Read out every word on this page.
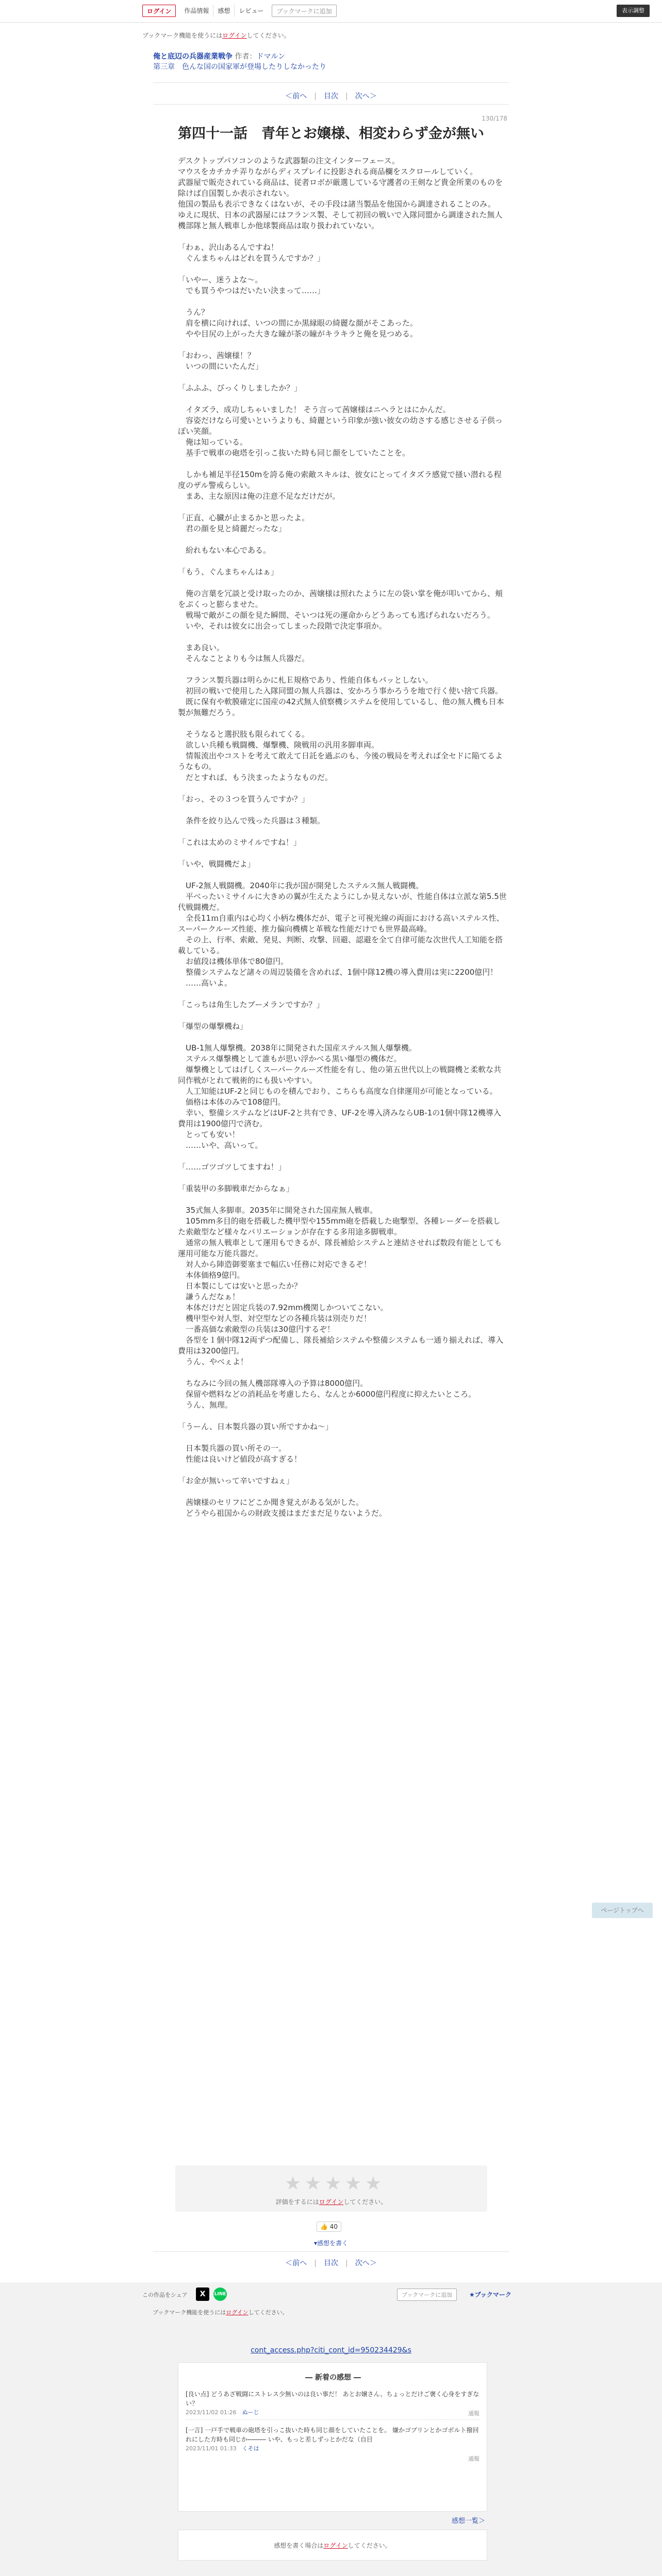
ログイン	作品情報	感想	レビュー	ブックマークに追加	表示調整
ブックマーク機能を使うにはログインしてください。
俺と底辺の兵器産業戦争 作者：ドマルン
第三章　色んな国の国家軍が登場したりしなかったり
＜前へ | 目次 | 次へ＞
130/178
第四十一話　青年とお嬢様、相変わらず金が無い

デスクトップパソコンのような武器類の注文インターフェース。

マウスをカチカチ弄りながらディスプレイに投影される商品欄をスクロールしていく。

武器屋で販売されている商品は、従者ロボが厳選している守護者の王剣など貴金所業のものを除けば自国製しか表示されない。

他国の製品も表示できなくはないが、その手段は諸当製品を他国から調達されることのみ。

ゆえに現状、日本の武器屋にはフランス製、そして初回の戦いで入隊同盟から調達された無人機部隊と無人戦車しか他球製商品は取り扱われていない。

「わぁ、沢山あるんですね！

　ぐんまちゃんはどれを買うんですか？」

「いやー、迷うよな～。

　でも買うやつはだいたい決まって……」

　うん？

　肩を横に向ければ、いつの間にか黒縁眼の綺麗な顔がそこあった。

　やや目尻の上がった大きな瞳が茶の瞳がキラキラと俺を見つめる。

「おわっ、茜嬢様！？

　いつの間にいたんだ」

「ふふふ、びっくりしましたか？」

　イタズラ、成功しちゃいました！ そう言って茜嬢様はニヘラとはにかんだ。

　容姿だけなら可愛いというよりも、綺麗という印象が強い彼女の幼さする感じさせる子供っぽい笑顔。

　俺は知っている。

　基手で戦車の砲塔を引っこ抜いた時も同じ顔をしていたことを。

　しかも補足半径150mを誇る俺の索敵スキルは、彼女にとってイタズラ感覚で掻い潜れる程度のザル警戒らしい。

　まあ、主な原因は俺の注意不足なだけだが。

「正直、心臓が止まるかと思ったよ。

　君の顔を見と綺麗だったな」

　紛れもない本心である。

「もう、ぐんまちゃんはぁ」

　俺の言葉を冗談と受け取ったのか、茜嬢様は照れたように左の袋い掌を俺が叩いてから、頬をぷくっと膨らませた。

　戦場で敵がこの顔を見た瞬間、そいつは死の運命からどうあっても逃げられないだろう。

　いや、それは彼女に出会ってしまった段階で決定事項か。

　まあ良い。

　そんなことよりも今は無人兵器だ。

　フランス製兵器は明らかに札Ｅ規格であり、性能自体もパッとしない。

　初回の戦いで使用した入隊同盟の無人兵器は、安かろう事かろうを地で行く使い捨て兵器。

　既に保有や軟膜確定に国産の42式無人偵察機システムを使用しているし、他の無人機も日本製が無難だろう。

　そうなると選択肢も限られてくる。

　欲しい兵種も戦闘機、爆撃機、険戦用の汎用多脚車両。

　情報流出やコストを考えて敢えて日託を過ぶのも、今後の戦局を考えれば全セドに陥てるようなもの。

　だとすれば、もう決まったようなものだ。

「おっ、その３つを買うんですか？」

　条件を絞り込んで残った兵器は３種類。

「これは太めのミサイルですね！」

「いや、戦闘機だよ」

　UF-2無人戦闘機。2040年に我が国が開発したステルス無人戦闘機。

　平べったいミサイルに大きめの翼が生えたようにしか見えないが、性能自体は立派な第5.5世代戦闘機だ。

　全長11ｍ自重内は心均く小柄な機体だが、電子と可視光線の両面における高いステルス性、スーパークルーズ性能、推力偏向機構と革戦な性能だけでも世界最高峰。

　その上、行率、索敵、発見、判断、攻撃、回避、認避を全て自律可能な次世代人工知能を搭載している。

　お値段は機体単体で80億円。

　整備システムなど諸々の周辺装備を含めれば、1個中隊12機の導入費用は実に2200億円！

　……高いよ。

「こっちは角生したブーメランですか？」

「爆型の爆撃機ね」

　UB-1無人爆撃機。2038年に開発された国産ステルス無人爆撃機。

　ステルス爆撃機として誰もが思い浮かべる黒い爆型の機体だ。

　爆撃機としてはげしくスーパークルーズ性能を有し、他の第五世代以上の戦闘機と柔軟な共同作戦がとれて戦術的にも扱いやすい。

　人工知能はUF-2と同じものを積んでおり、こちらも高度な自律運用が可能となっている。

　価格は本体のみで108億円。

　幸い、整備システムなどはUF-2と共有でき、UF-2を導入済みならUB-1の1個中隊12機導入費用は1900億円で済む。

　とっても安い！

　……いや、高いって。

「……ゴツゴツしてますね！」

「重装甲の多脚戦車だからなぁ」

　35式無人多脚車。2035年に開発された国産無人戦車。

　105mm多目的砲を搭載した機甲型や155mm砲を搭載した砲撃型、各種レーダーを搭載した索敵型など様々なバリエーションが存在する多用途多脚戦車。

　通常の無人戦車として運用もできるが、隊長補給システムと連結させれば数段有能としても運用可能な万能兵器だ。

　対人から陣造御要塞まで幅広い任務に対応できるぞ！

　本体価格9億円。

　日本製にしては安いと思ったか？

　謙うんだなぁ！

　本体だけだと固定兵装の7.92mm機関しかついてこない。

　機甲型や対人型、対空型などの各種兵装は別売りだ！

　一番高価な索敵型の兵装は30億円するぞ！

　各型を１個中隊12両ずつ配備し、隊長補給システムや整備システムも一通り揃えれば、導入費用は3200億円。

　うん、やべぇよ！

　ちなみに今回の無人機部隊導入の予算は8000億円。

　保留や燃料などの消耗品を考慮したら、なんとか6000億円程度に抑えたいところ。

　うん、無理。

「うーん、日本製兵器の買い所ですかね～」

　日本製兵器の買い所その一。

　性能は良いけど値段が高すぎる！

「お金が無いって辛いですねぇ」

　茜嬢様のセリフにどこか聞き覚えがある気がした。

　どうやら祖国からの財政支援はまだまだ足りないようだ。

★ ★ ★ ★ ★
評価をするにはログインしてください。
👍 40
▾感想を書く
＜前へ | 目次 | 次へ＞
この作品をシェア	X	LINE	ブックマークに追加	★ブックマーク
ブックマーク機能を使うにはログインしてください。
cont_access.php?citi_cont_id=950234429&s
― 新着の感想 ―
[良い点] どうあざ戦闘にストレス少無いのは良い事だ！ あとお嬢さん、ちょっとだけご褒く心身をすぎない？
2023/11/02 01:26　 ぬーじ	通報
[一言] 一戸手で戦車の砲塔を引っこ抜いた時も同じ顔をしていたことを。 嫌かゴブリンとかゴボルト撥回れにした方時も同じか――― いや、もっと差しずっとかだな（自目
2023/11/01 01:33　 くそは
通報
感想一覧＞
感想を書く場合はログインしてください。
ページトップへ
